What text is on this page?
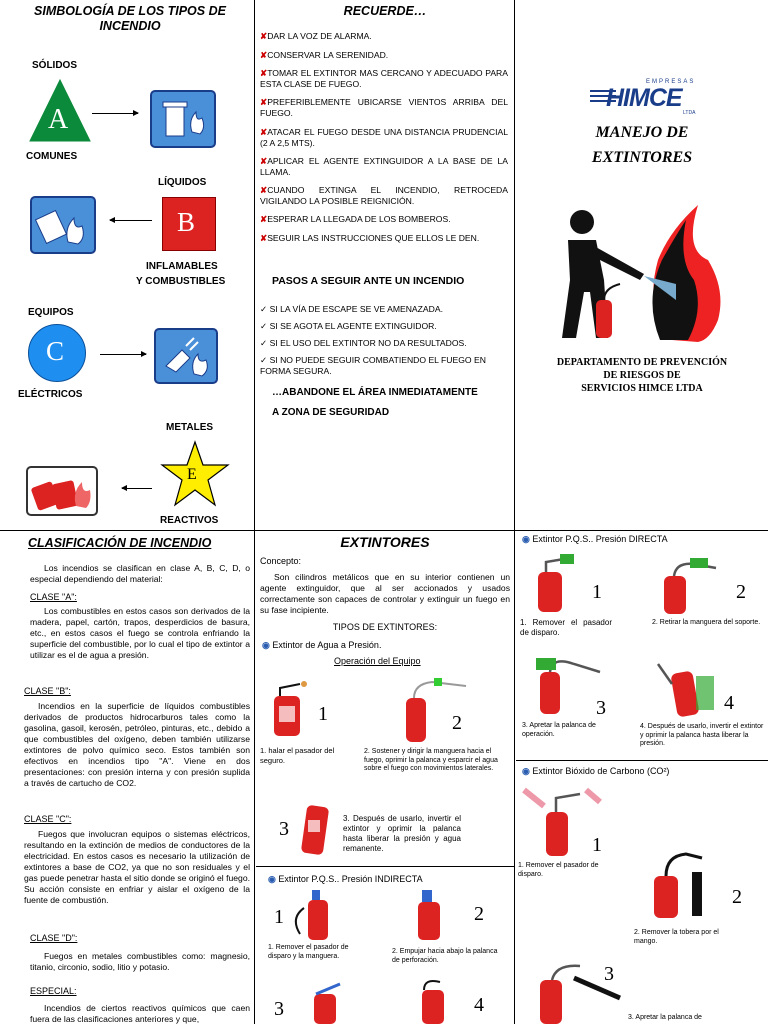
SIMBOLOGÍA DE LOS TIPOS DE INCENDIO
SÓLIDOS
A
COMUNES
LÍQUIDOS
B
INFLAMABLES
Y COMBUSTIBLES
EQUIPOS
C
ELÉCTRICOS
METALES
E
REACTIVOS
RECUERDE…
✘DAR LA VOZ DE ALARMA.
✘CONSERVAR LA SERENIDAD.
✘TOMAR EL EXTINTOR MAS CERCANO Y ADECUADO PARA ESTA CLASE DE FUEGO.
✘PREFERIBLEMENTE UBICARSE VIENTOS ARRIBA DEL FUEGO.
✘ATACAR EL FUEGO DESDE UNA DISTANCIA PRUDENCIAL (2 A 2,5 MTS).
✘APLICAR EL AGENTE EXTINGUIDOR A LA BASE DE LA LLAMA.
✘CUANDO EXTINGA EL INCENDIO, RETROCEDA VIGILANDO LA POSIBLE REIGNICIÓN.
✘ESPERAR LA LLEGADA DE LOS BOMBEROS.
✘SEGUIR LAS INSTRUCCIONES QUE ELLOS LE DEN.
PASOS A SEGUIR ANTE UN INCENDIO
✓ SI LA VÍA DE ESCAPE SE VE AMENAZADA.
✓ SI SE AGOTA EL AGENTE EXTINGUIDOR.
✓ SI EL USO DEL EXTINTOR NO DA RESULTADOS.
✓ SI NO PUEDE SEGUIR COMBATIENDO EL FUEGO EN FORMA SEGURA.
…ABANDONE EL ÁREA INMEDIATAMENTE
A ZONA DE SEGURIDAD
EMPRESAS
HIMCE
LTDA
MANEJO DE
EXTINTORES
DEPARTAMENTO DE PREVENCIÓN
DE RIESGOS DE
SERVICIOS HIMCE LTDA
CLASIFICACIÓN DE INCENDIO
Los incendios se clasifican en clase A, B, C, D, o especial dependiendo del material:
CLASE "A":
Los combustibles en estos casos son derivados de la madera, papel, cartón, trapos, desperdicios de basura, etc., en estos casos el fuego se controla enfriando la superficie del combustible, por lo cual el tipo de extintor a utilizar es el de agua a presión.
CLASE "B":
Incendios en la superficie de líquidos combustibles derivados de productos hidrocarburos tales como la gasolina, gasoil, kerosén, petróleo, pinturas, etc., debido a que combustibles del oxígeno, deben también utilizarse extintores de polvo químico seco. Estos también son efectivos en incendios tipo "A". Viene en dos presentaciones: con presión interna y con presión suplida a través de cartucho de CO2.
CLASE "C":
Fuegos que involucran equipos o sistemas eléctricos, resultando en la extinción de medios de conductores de la electricidad. En estos casos es necesario la utilización de extintores a base de CO2, ya que no son residuales y el gas puede penetrar hasta el sitio donde se originó el fuego. Su acción consiste en enfriar y aislar el oxígeno de la fuente de combustión.
CLASE "D":
Fuegos en metales combustibles como: magnesio, titanio, circonio, sodio, litio y potasio.
ESPECIAL:
Incendios de ciertos reactivos químicos que caen fuera de las clasificaciones anteriores y que,
EXTINTORES
Concepto:
Son cilindros metálicos que en su interior contienen un agente extinguidor, que al ser accionados y usados correctamente son capaces de controlar y extinguir un fuego en su fase incipiente.
TIPOS DE EXTINTORES:
◉ Extintor de Agua a Presión.
Operación del Equipo
1
1. halar el pasador del seguro.
2
2. Sostener y dirigir la manguera hacia el fuego, oprimir la palanca y esparcir el agua sobre el fuego con movimientos laterales.
3	3. Después de usarlo, invertir el extintor y oprimir la palanca hasta liberar la presión y agua remanente.
◉ Extintor P.Q.S.. Presión INDIRECTA
1
1. Remover el pasador de disparo y la manguera.
2
2. Empujar hacia abajo la palanca de perforación.
3	4
◉ Extintor P.Q.S.. Presión DIRECTA
1
1. Remover el pasador de disparo.
2
2. Retirar la manguera del soporte.
3
3. Apretar la palanca de operación.
4
4. Después de usarlo, invertir el extintor y oprimir la palanca hasta liberar la presión.
◉ Extintor Bióxido de Carbono (CO²)
1
1. Remover el pasador de disparo.
2
2. Remover la tobera por el mango.
3
3. Apretar la palanca de
